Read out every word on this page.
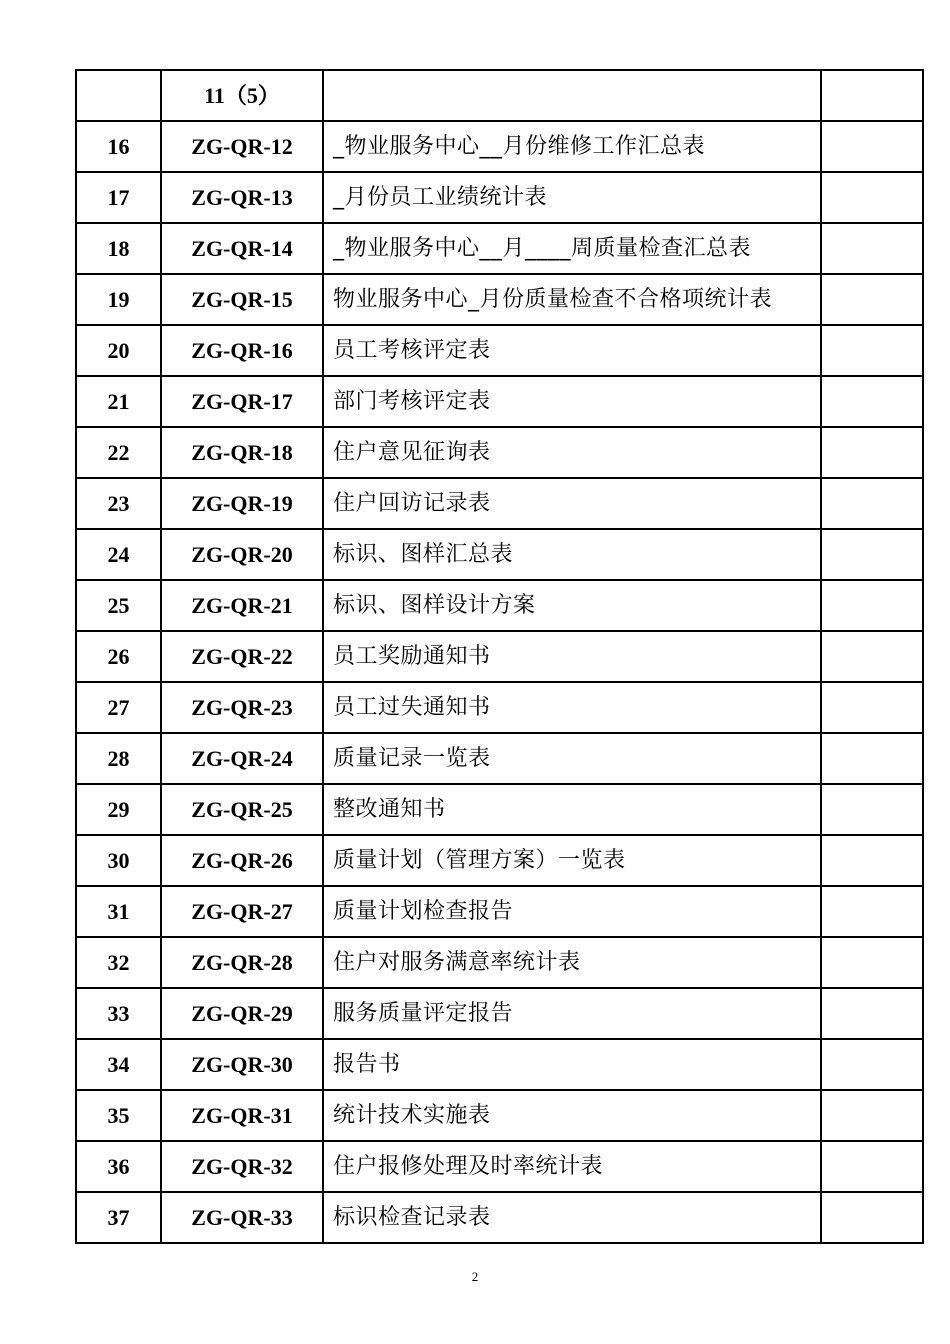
	11（5）		
16	ZG-QR-12	_物业服务中心__月份维修工作汇总表	
17	ZG-QR-13	_月份员工业绩统计表	
18	ZG-QR-14	_物业服务中心__月____周质量检查汇总表	
19	ZG-QR-15	物业服务中心_月份质量检查不合格项统计表	
20	ZG-QR-16	员工考核评定表	
21	ZG-QR-17	部门考核评定表	
22	ZG-QR-18	住户意见征询表	
23	ZG-QR-19	住户回访记录表	
24	ZG-QR-20	标识、图样汇总表	
25	ZG-QR-21	标识、图样设计方案	
26	ZG-QR-22	员工奖励通知书	
27	ZG-QR-23	员工过失通知书	
28	ZG-QR-24	质量记录一览表	
29	ZG-QR-25	整改通知书	
30	ZG-QR-26	质量计划（管理方案）一览表	
31	ZG-QR-27	质量计划检查报告	
32	ZG-QR-28	住户对服务满意率统计表	
33	ZG-QR-29	服务质量评定报告	
34	ZG-QR-30	报告书	
35	ZG-QR-31	统计技术实施表	
36	ZG-QR-32	住户报修处理及时率统计表	
37	ZG-QR-33	标识检查记录表	
2
